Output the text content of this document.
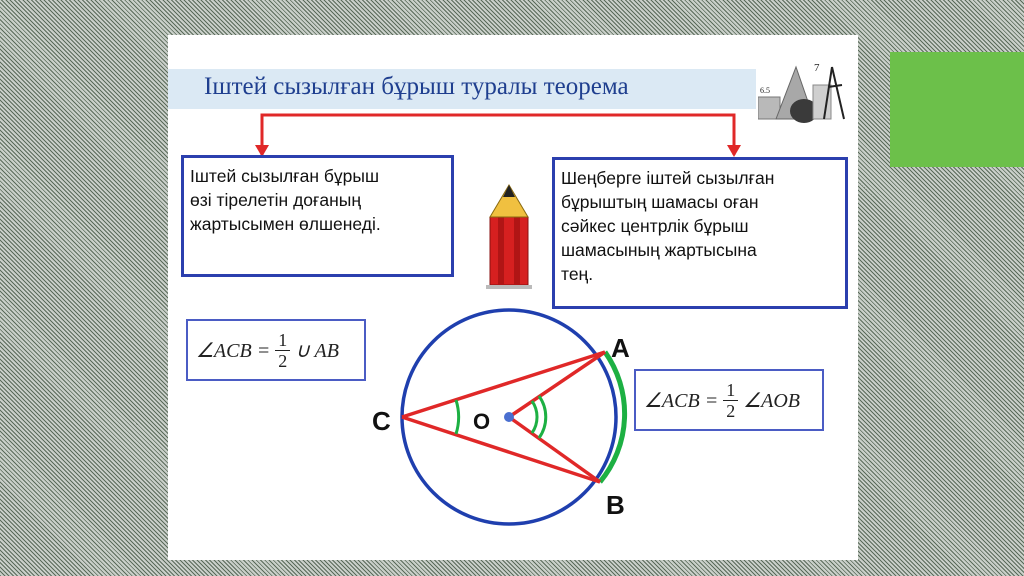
Іштей сызылған бұрыш туралы теорема
7
6.5
A
B
C	O
Іштей сызылған бұрыш
өзі тірелетін доғаның
жартысымен өлшенеді.
Шеңберге іштей сызылған
бұрыштың шамасы оған
сәйкес центрлік бұрыш
шамасының жартысына
тең.
∠ACB = $\frac{1}{2}$ ∪ AB
∠ACB = $\frac{1}{2}$ ∠AOB
